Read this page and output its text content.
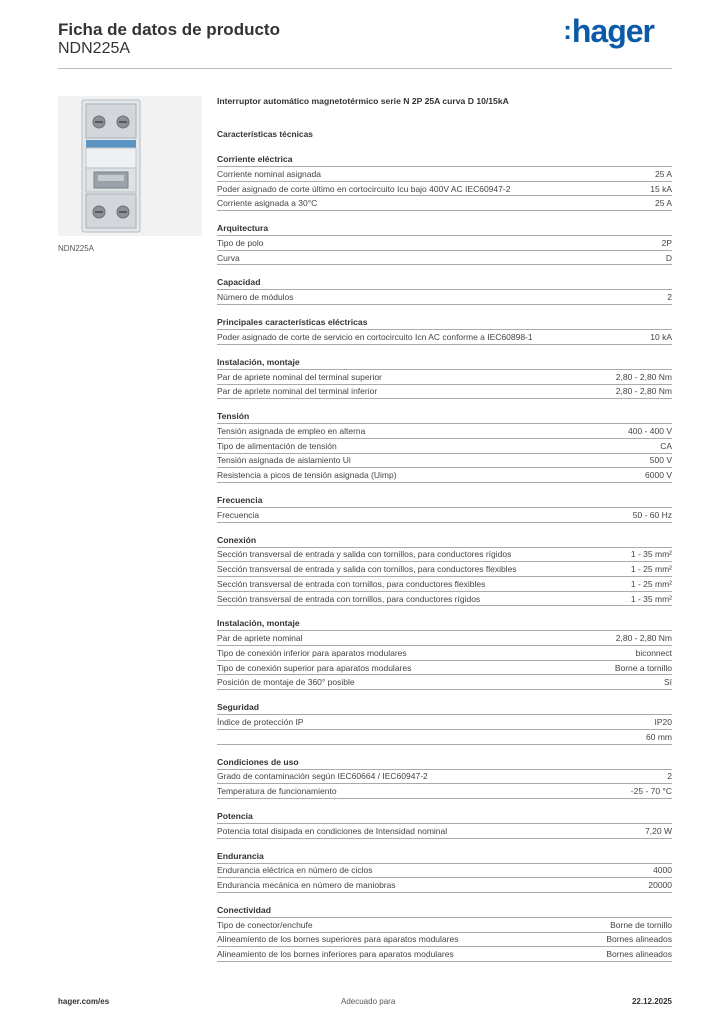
Ficha de datos de producto
NDN225A
:hager
NDN225A
Interruptor automático magnetotérmico serie N 2P 25A curva D 10/15kA
Características técnicas
Corriente eléctrica
Corriente nominal asignada	25 A
Poder asignado de corte último en cortocircuito Icu bajo 400V AC IEC60947-2	15 kA
Corriente asignada a 30°C	25 A
Arquitectura
Tipo de polo	2P
Curva	D
Capacidad
Número de módulos	2
Principales características eléctricas
Poder asignado de corte de servicio en cortocircuito Icn AC conforme a IEC60898-1	10 kA
Instalación, montaje
Par de apriete nominal del terminal superior	2,80 - 2,80 Nm
Par de apriete nominal del terminal inferior	2,80 - 2,80 Nm
Tensión
Tensión asignada de empleo en alterna	400 - 400 V
Tipo de alimentación de tensión	CA
Tensión asignada de aislamiento Ui	500 V
Resistencia a picos de tensión asignada (Uimp)	6000 V
Frecuencia
Frecuencia	50 - 60 Hz
Conexión
Sección transversal de entrada y salida con tornillos, para conductores rígidos	1 - 35 mm²
Sección transversal de entrada y salida con tornillos, para conductores flexibles	1 - 25 mm²
Sección transversal de entrada con tornillos, para conductores flexibles	1 - 25 mm²
Sección transversal de entrada con tornillos, para conductores rígidos	1 - 35 mm²
Instalación, montaje
Par de apriete nominal	2,80 - 2,80 Nm
Tipo de conexión inferior para aparatos modulares	biconnect
Tipo de conexión superior para aparatos modulares	Borne a tornillo
Posición de montaje de 360° posible	Sí
Seguridad
Índice de protección IP	IP20
60 mm
Condiciones de uso
Grado de contaminación según IEC60664 / IEC60947-2	2
Temperatura de funcionamiento	-25 - 70 °C
Potencia
Potencia total disipada en condiciones de Intensidad nominal	7,20 W
Endurancia
Endurancia eléctrica en número de ciclos	4000
Endurancia mecánica en número de maniobras	20000
Conectividad
Tipo de conector/enchufe	Borne de tornillo
Alineamiento de los bornes superiores para aparatos modulares	Bornes alineados
Alineamiento de los bornes inferiores para aparatos modulares	Bornes alineados
hager.com/es	Adecuado para	22.12.2025
